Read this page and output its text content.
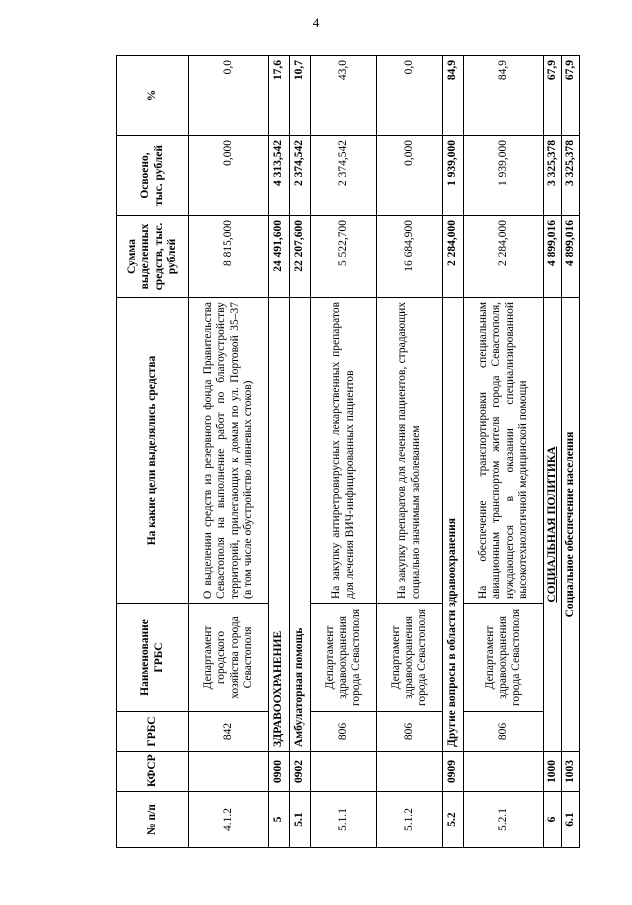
4
№ п/п	КФСР	ГРБС	Наименование ГРБС	На какие цели выделялись средства	Сумма выделенных средств, тыс. рублей	Освоено, тыс. рублей	%
4.1.2		842	Департамент городского хозяйства города Севастополя	О выделении средств из резервного фонда Правительства Севастополя на выполнение работ по благоустройству территорий, прилегающих к домам по ул. Портовой 35–37 (в том числе обустройство ливневых стоков)	8 815,000	0,000	0,0
5	0900	ЗДРАВООХРАНЕНИЕ			24 491,600	4 313,542	17,6
5.1	0902	Амбулаторная помощь			22 207,600	2 374,542	10,7
5.1.1		806	Департамент здравоохранения города Севастополя	На закупку антиретровирусных лекарственных препаратов для лечения ВИЧ-инфицированных пациентов	5 522,700	2 374,542	43,0
5.1.2		806	Департамент здравоохранения города Севастополя	На закупку препаратов для лечения пациентов, страдающих социально значимым заболеванием	16 684,900	0,000	0,0
5.2	0909	Другие вопросы в области здравоохранения			2 284,000	1 939,000	84,9
5.2.1		806	Департамент здравоохранения города Севастополя	На обеспечение транспортировки специальным авиационным транспортом жителя города Севастополя, нуждающегося в оказании специализированной высокотехнологичной медицинской помощи	2 284,000	1 939,000	84,9
6	1000	СОЦИАЛЬНАЯ ПОЛИТИКА			4 899,016	3 325,378	67,9
6.1	1003	Социальное обеспечение населения			4 899,016	3 325,378	67,9
